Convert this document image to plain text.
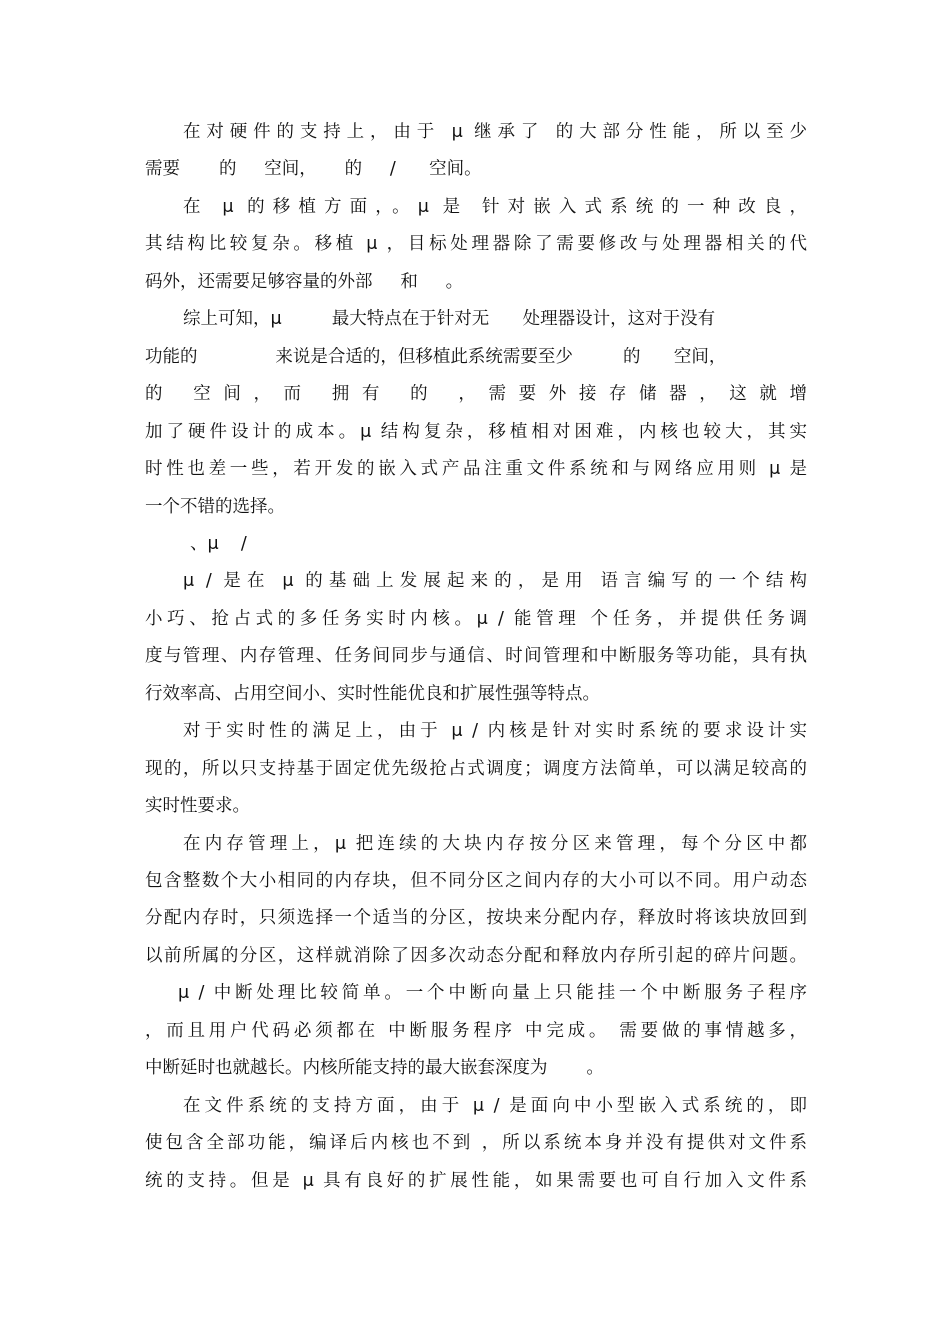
在对硬件的支持上，由于 μ 继承了 的大部分性能，所以至少
需要       的     空间，     的     /      空间。
在 μ 的移植方面，。μ 是 针对嵌入式系统的一种改良，
其结构比较复杂。移植 μ ，目标处理器除了需要修改与处理器相关的代
码外，还需要足够容量的外部     和     。
综上可知，μ         最大特点在于针对无      处理器设计，这对于没有
功能的              来说是合适的，但移植此系统需要至少         的      空间，
的 空间，而 拥有 的 ，需要外接存储器，这就增
加了硬件设计的成本。μ 结构复杂，移植相对困难，内核也较大，其实
时性也差一些，若开发的嵌入式产品注重文件系统和与网络应用则 μ 是
一个不错的选择。
、μ    /
μ / 是在 μ 的基础上发展起来的，是用 语言编写的一个结构
小巧、抢占式的多任务实时内核。μ / 能管理 个任务，并提供任务调
度与管理、内存管理、任务间同步与通信、时间管理和中断服务等功能，具有执
行效率高、占用空间小、实时性能优良和扩展性强等特点。
对于实时性的满足上，由于 μ / 内核是针对实时系统的要求设计实
现的，所以只支持基于固定优先级抢占式调度；调度方法简单，可以满足较高的
实时性要求。
在内存管理上，μ 把连续的大块内存按分区来管理，每个分区中都
包含整数个大小相同的内存块，但不同分区之间内存的大小可以不同。用户动态
分配内存时，只须选择一个适当的分区，按块来分配内存，释放时将该块放回到
以前所属的分区，这样就消除了因多次动态分配和释放内存所引起的碎片问题。
μ / 中断处理比较简单。一个中断向量上只能挂一个中断服务子程序
，而且用户代码必须都在 中断服务程序 中完成。 需要做的事情越多，
中断延时也就越长。内核所能支持的最大嵌套深度为       。
在文件系统的支持方面，由于 μ / 是面向中小型嵌入式系统的，即
使包含全部功能，编译后内核也不到 ，所以系统本身并没有提供对文件系
统的支持。但是 μ 具有良好的扩展性能，如果需要也可自行加入文件系
